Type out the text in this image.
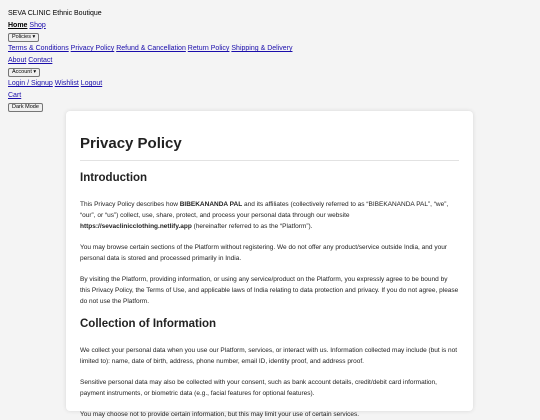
SEVA CLINIC Ethnic Boutique
Home Shop
Policies ▾
Terms & Conditions Privacy Policy Refund & Cancellation Return Policy Shipping & Delivery
About Contact
Account ▾
Login / Signup Wishlist Logout
Cart
Dark Mode
Privacy Policy
Introduction

This Privacy Policy describes how BIBEKANANDA PAL and its affiliates (collectively referred to as “BIBEKANANDA PAL”, “we”, “our”, or “us”) collect, use, share, protect, and process your personal data through our website https://sevaclinicclothing.netlify.app (hereinafter referred to as the “Platform”).

You may browse certain sections of the Platform without registering. We do not offer any product/service outside India, and your personal data is stored and processed primarily in India.

By visiting the Platform, providing information, or using any service/product on the Platform, you expressly agree to be bound by this Privacy Policy, the Terms of Use, and applicable laws of India relating to data protection and privacy. If you do not agree, please do not use the Platform.

Collection of Information

We collect your personal data when you use our Platform, services, or interact with us. Information collected may include (but is not limited to): name, date of birth, address, phone number, email ID, identity proof, and address proof.

Sensitive personal data may also be collected with your consent, such as bank account details, credit/debit card information, payment instruments, or biometric data (e.g., facial features for optional features).

You may choose not to provide certain information, but this may limit your use of certain services.
